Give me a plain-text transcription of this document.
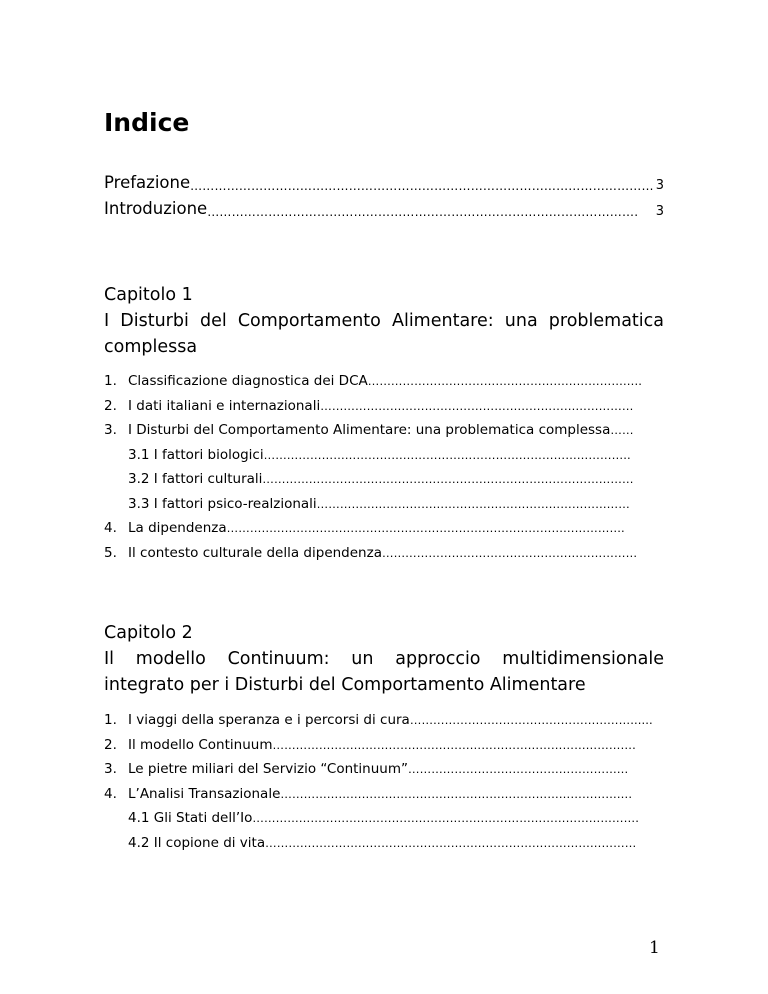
Indice
Prefazione …………………………………………………………………………………………………… 3
Introduzione …………………………………………………………………………………………….	3
Capitolo 1
I Disturbi del Comportamento Alimentare: una problematica complessa
1. Classificazione diagnostica dei DCA ……………………………………………………………..
2. I dati italiani e internazionali ………………………………………………………………………
3. I Disturbi del Comportamento Alimentare: una problematica complessa ……
3.1 I fattori biologici …………………………………………………………………………………..
3.2 I fattori culturali ……………………………………………………………………………………
3.3 I fattori psico-realzionali ………………………………………………………………………
4. La dipendenza ………………………………………………………………………………………….
5. Il contesto culturale della dipendenza …………………………………………………………
Capitolo 2
Il modello Continuum: un approccio multidimensionale integrato per i Disturbi del Comportamento Alimentare
1. I viaggi della speranza e i percorsi di cura …………………………………………………......
2. Il modello Continuum ………………………………………………………………………………….
3. Le pietre miliari del Servizio “Continuum” …………………………………………………
4. L’Analisi Transazionale ……………………………………………………………………………….
4.1 Gli Stati dell’Io ……………………………………………………………………………………….
4.2 Il copione di vita ……………………………………………………………………………………
1
